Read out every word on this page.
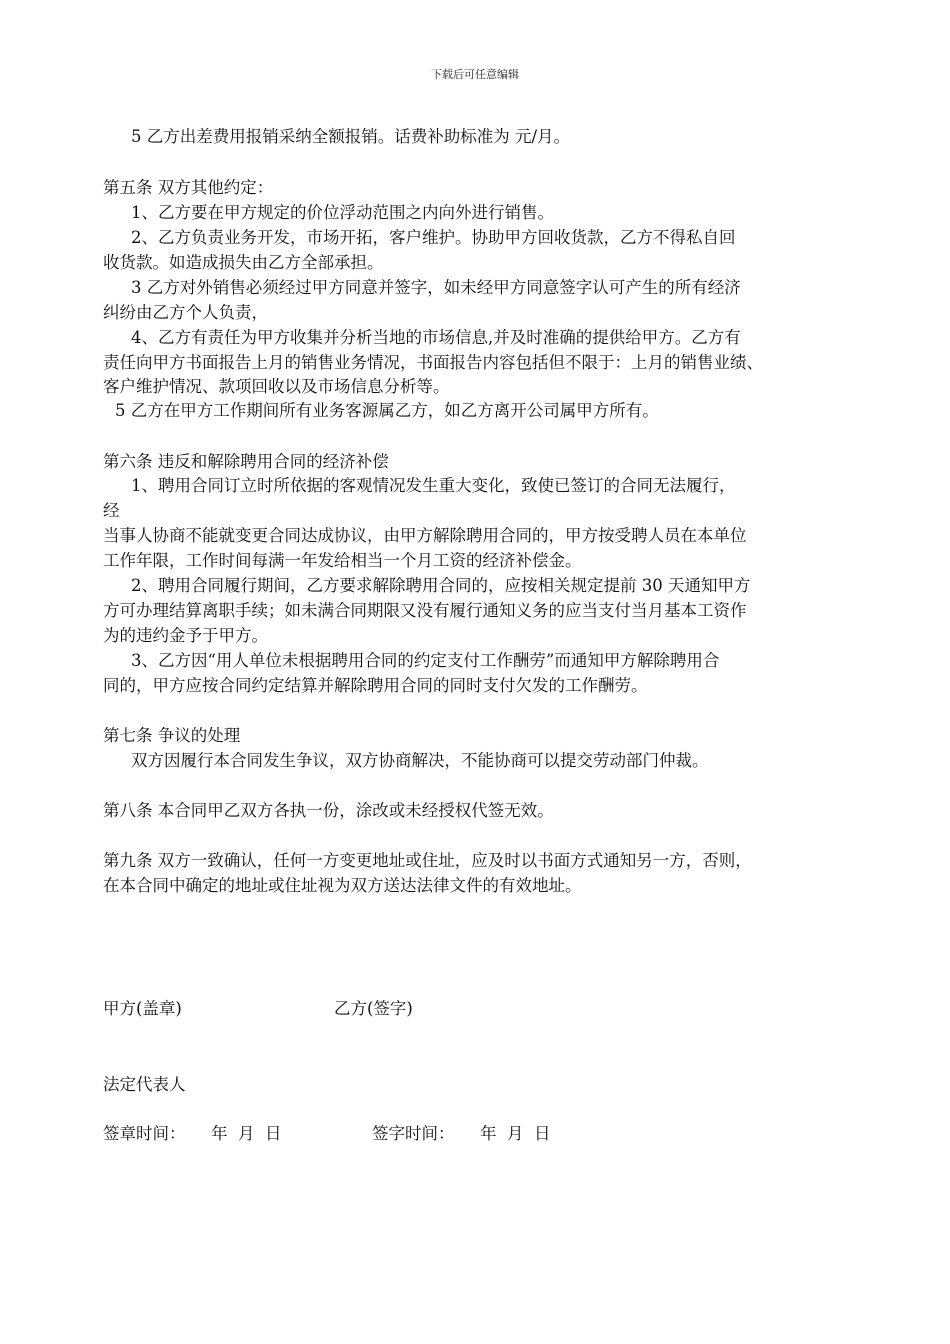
下载后可任意编辑
5 乙方出差费用报销采纳全额报销。话费补助标准为 元/月。
第五条 双方其他约定：
1、乙方要在甲方规定的价位浮动范围之内向外进行销售。
2、乙方负责业务开发，市场开拓，客户维护。协助甲方回收货款，乙方不得私自回
收货款。如造成损失由乙方全部承担。
3 乙方对外销售必须经过甲方同意并签字，如未经甲方同意签字认可产生的所有经济
纠纷由乙方个人负责，
4、乙方有责任为甲方收集并分析当地的市场信息,并及时准确的提供给甲方。乙方有
责任向甲方书面报告上月的销售业务情况，书面报告内容包括但不限于：上月的销售业绩、
客户维护情况、款项回收以及市场信息分析等。
5 乙方在甲方工作期间所有业务客源属乙方，如乙方离开公司属甲方所有。
第六条 违反和解除聘用合同的经济补偿
1、聘用合同订立时所依据的客观情况发生重大变化，致使已签订的合同无法履行，
经
当事人协商不能就变更合同达成协议，由甲方解除聘用合同的，甲方按受聘人员在本单位
工作年限，工作时间每满一年发给相当一个月工资的经济补偿金。
2、聘用合同履行期间，乙方要求解除聘用合同的，应按相关规定提前 30 天通知甲方
方可办理结算离职手续；如未满合同期限又没有履行通知义务的应当支付当月基本工资作
为的违约金予于甲方。
3、乙方因“用人单位未根据聘用合同的约定支付工作酬劳”而通知甲方解除聘用合
同的，甲方应按合同约定结算并解除聘用合同的同时支付欠发的工作酬劳。
第七条 争议的处理
双方因履行本合同发生争议，双方协商解决，不能协商可以提交劳动部门仲裁。
第八条 本合同甲乙双方各执一份，涂改或未经授权代签无效。
第九条 双方一致确认，任何一方变更地址或住址，应及时以书面方式通知另一方，否则，
在本合同中确定的地址或住址视为双方送达法律文件的有效地址。
甲方(盖章)	乙方(签字)
法定代表人
签章时间： 年  月  日	签字时间： 年  月  日
